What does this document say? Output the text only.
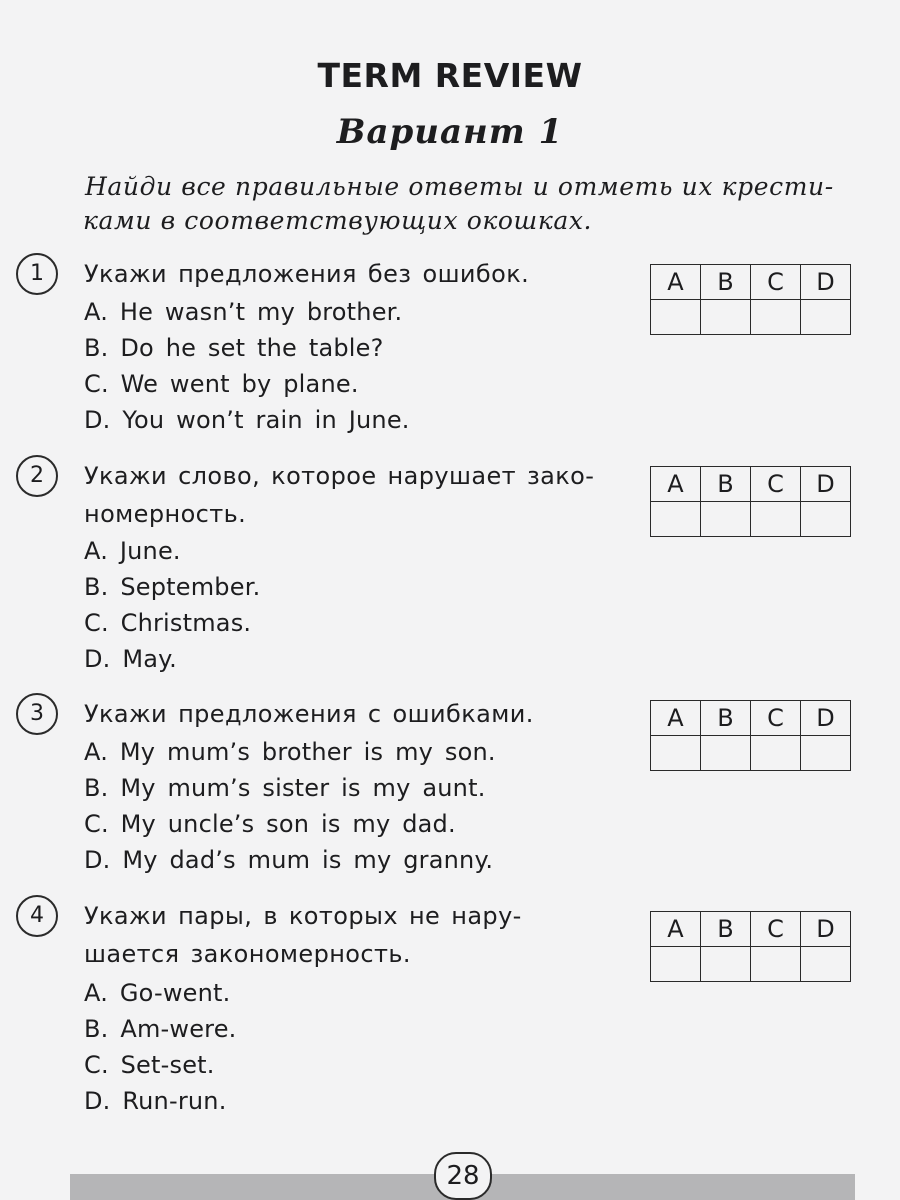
TERM REVIEW
Вариант 1
Найди все правильные ответы и отметь их крести-
ками в соответствующих окошках.
1	Укажи предложения без ошибок.
A. He wasn’t my brother.
B. Do he set the table?
C. We went by plane.
D. You won’t rain in June.
A	B	C	D

2	Укажи слово, которое нарушает зако-
номерность.
A. June.
B. September.
C. Christmas.
D. May.
A	B	C	D

3	Укажи предложения с ошибками.
A. My mum’s brother is my son.
B. My mum’s sister is my aunt.
C. My uncle’s son is my dad.
D. My dad’s mum is my granny.
A	B	C	D

4	Укажи пары, в которых не нару-
шается закономерность.
A. Go-went.
B. Am-were.
C. Set-set.
D. Run-run.
A	B	C	D

28
